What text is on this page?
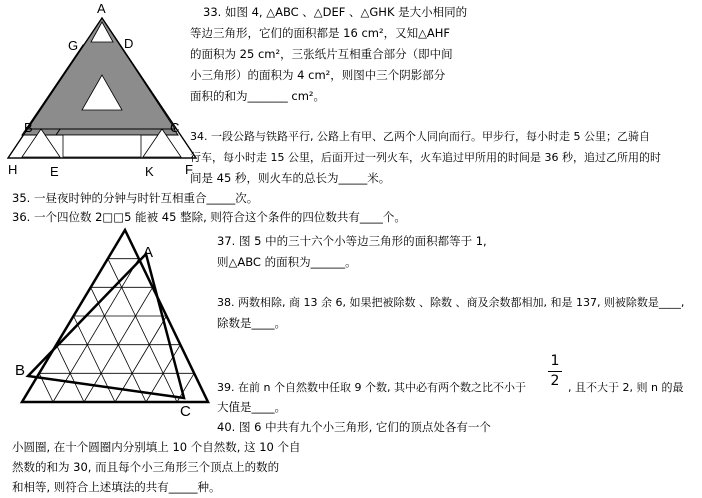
A
G	D
B	C
H	E	K F
33. 如图 4, △ABC 、△DEF 、△GHK 是大小相同的
等边三角形，它们的面积都是 16 cm²，又知△AHF
的面积为 25 cm²，三张纸片互相重合部分（即中间
小三角形）的面积为 4 cm²，则图中三个阴影部分
面积的和为_______ cm²。
34. 一段公路与铁路平行, 公路上有甲、乙两个人同向而行。甲步行，每小时走 5 公里；乙骑自
行车，每小时走 15 公里，后面开过一列火车，火车追过甲所用的时间是 36 秒，追过乙所用的时
间是 45 秒，则火车的总长为_____米。
35. 一昼夜时钟的分钟与时针互相重合_____次。
36. 一个四位数 2□□5 能被 45 整除, 则符合这个条件的四位数共有____个。
A
B
C
37. 图 5 中的三十六个小等边三角形的面积都等于 1,
则△ABC 的面积为______。
38. 两数相除, 商 13 余 6, 如果把被除数 、除数 、商及余数都相加, 和是 137, 则被除数是____,
除数是____。
1
2
39. 在前 n 个自然数中任取 9 个数, 其中必有两个数之比不小于	, 且不大于 2, 则 n 的最
大值是____。
40. 图 6 中共有九个小三角形, 它们的顶点处各有一个
小圆圈, 在十个圆圈内分别填上 10 个自然数, 这 10 个自
然数的和为 30, 而且每个小三角形三个顶点上的数的
和相等, 则符合上述填法的共有_____种。
